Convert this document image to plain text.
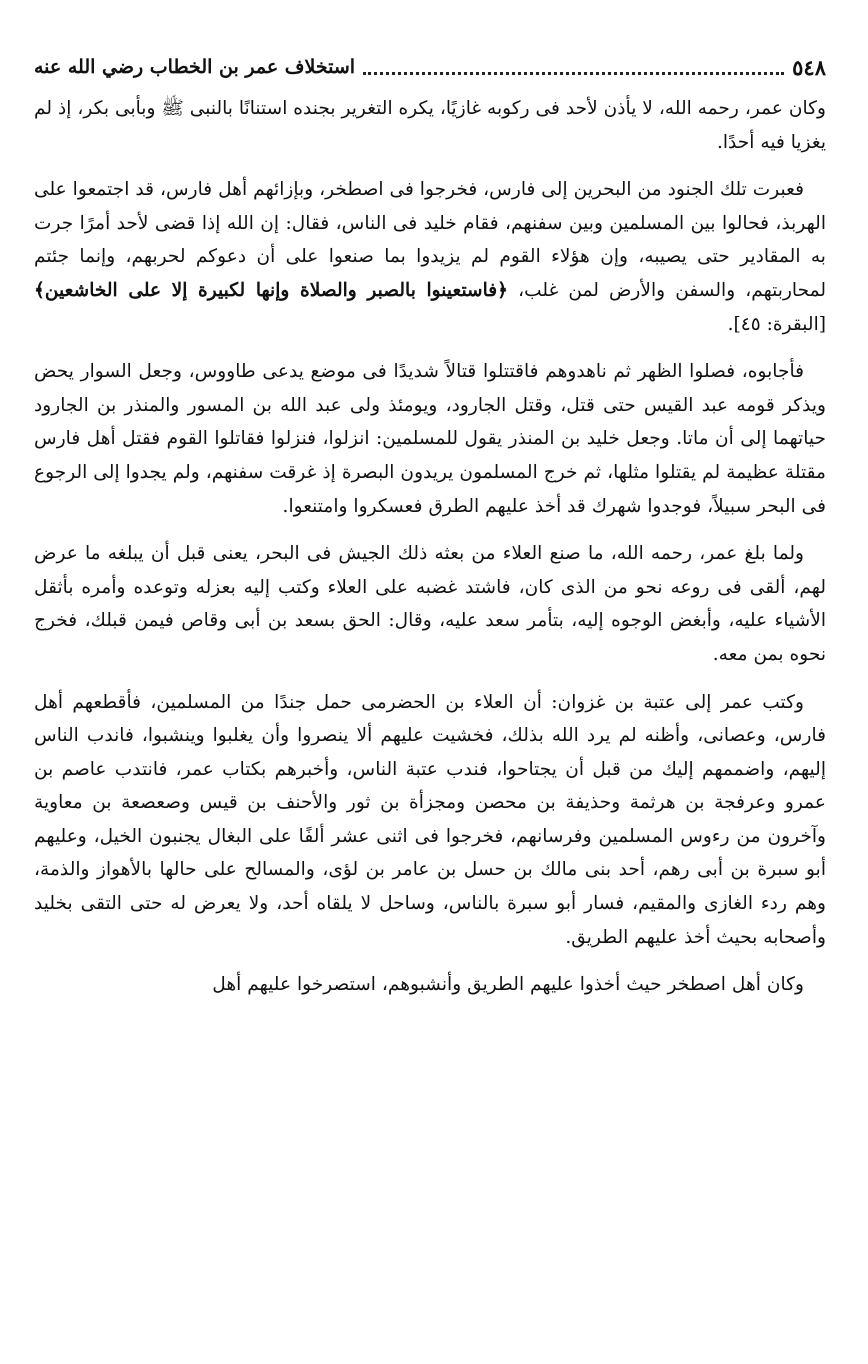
٥٤٨
استخلاف عمر بن الخطاب رضي الله عنه

وكان عمر، رحمه الله، لا يأذن لأحد فى ركوبه غازيًا، يكره التغرير بجنده استنانًا بالنبى ﷺ وبأبى بكر، إذ لم يغزيا فيه أحدًا.

فعبرت تلك الجنود من البحرين إلى فارس، فخرجوا فى اصطخر، وبإزائهم أهل فارس، قد اجتمعوا على الهربذ، فحالوا بين المسلمين وبين سفنهم، فقام خليد فى الناس، فقال: إن الله إذا قضى لأحد أمرًا جرت به المقادير حتى يصيبه، وإن هؤلاء القوم لم يزيدوا بما صنعوا على أن دعوكم لحربهم، وإنما جئتم لمحاربتهم، والسفن والأرض لمن غلب، ﴿فاستعينوا بالصبر والصلاة وإنها لكبيرة إلا على الخاشعين﴾ [البقرة: ٤٥].

فأجابوه، فصلوا الظهر ثم ناهدوهم فاقتتلوا قتالاً شديدًا فى موضع يدعى طاووس، وجعل السوار يحض ويذكر قومه عبد القيس حتى قتل، وقتل الجارود، ويومئذ ولى عبد الله بن المسور والمنذر بن الجارود حياتهما إلى أن ماتا. وجعل خليد بن المنذر يقول للمسلمين: انزلوا، فنزلوا فقاتلوا القوم فقتل أهل فارس مقتلة عظيمة لم يقتلوا مثلها، ثم خرج المسلمون يريدون البصرة إذ غرقت سفنهم، ولم يجدوا إلى الرجوع فى البحر سبيلاً، فوجدوا شهرك قد أخذ عليهم الطرق فعسكروا وامتنعوا.

ولما بلغ عمر، رحمه الله، ما صنع العلاء من بعثه ذلك الجيش فى البحر، يعنى قبل أن يبلغه ما عرض لهم، ألقى فى روعه نحو من الذى كان، فاشتد غضبه على العلاء وكتب إليه بعزله وتوعده وأمره بأثقل الأشياء عليه، وأبغض الوجوه إليه، بتأمر سعد عليه، وقال: الحق بسعد بن أبى وقاص فيمن قبلك، فخرج نحوه بمن معه.

وكتب عمر إلى عتبة بن غزوان: أن العلاء بن الحضرمى حمل جندًا من المسلمين، فأقطعهم أهل فارس، وعصانى، وأظنه لم يرد الله بذلك، فخشيت عليهم ألا ينصروا وأن يغلبوا وينشبوا، فاندب الناس إليهم، واضممهم إليك من قبل أن يجتاحوا، فندب عتبة الناس، وأخبرهم بكتاب عمر، فانتدب عاصم بن عمرو وعرفجة بن هرثمة وحذيفة بن محصن ومجزأة بن ثور والأحنف بن قيس وصعصعة بن معاوية وآخرون من رءوس المسلمين وفرسانهم، فخرجوا فى اثنى عشر ألفًا على البغال يجنبون الخيل، وعليهم أبو سبرة بن أبى رهم، أحد بنى مالك بن حسل بن عامر بن لؤى، والمسالح على حالها بالأهواز والذمة، وهم ردء الغازى والمقيم، فسار أبو سبرة بالناس، وساحل لا يلقاه أحد، ولا يعرض له حتى التقى بخليد وأصحابه بحيث أخذ عليهم الطريق.

وكان أهل اصطخر حيث أخذوا عليهم الطريق وأنشبوهم، استصرخوا عليهم أهل
